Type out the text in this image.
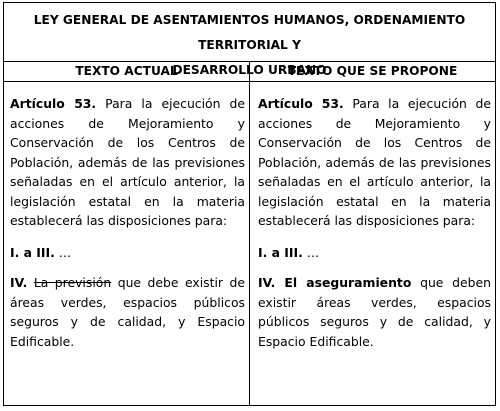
LEY GENERAL DE ASENTAMIENTOS HUMANOS, ORDENAMIENTO TERRITORIAL Y
DESARROLLO URBANO
TEXTO ACTUAL	TEXTO QUE SE PROPONE

Artículo 53. Para la ejecución de acciones de Mejoramiento y Conservación de los Centros de Población, además de las previsiones señaladas en el artículo anterior, la legislación estatal en la materia establecerá las disposiciones para:

I. a III. …

IV. La previsión que debe existir de áreas verdes, espacios públicos seguros y de calidad, y Espacio Edificable.

Artículo 53. Para la ejecución de acciones de Mejoramiento y Conservación de los Centros de Población, además de las previsiones señaladas en el artículo anterior, la legislación estatal en la materia establecerá las disposiciones para:

I. a III. …

IV. El aseguramiento que deben existir áreas verdes, espacios públicos seguros y de calidad, y Espacio Edificable.
